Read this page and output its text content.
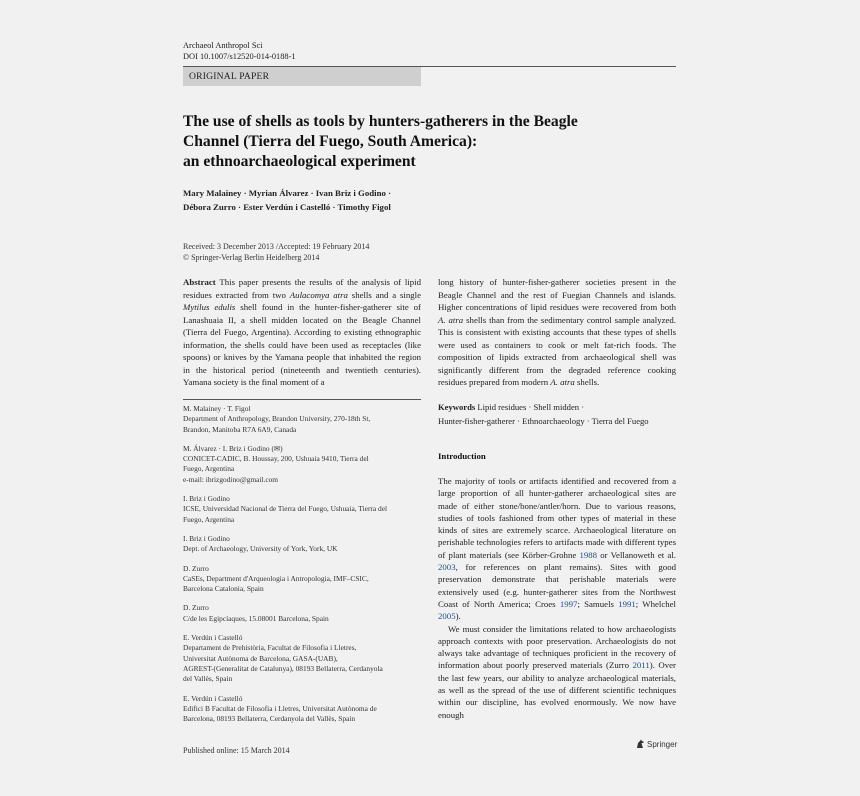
Archaeol Anthropol Sci
DOI 10.1007/s12520-014-0188-1
ORIGINAL PAPER
The use of shells as tools by hunters-gatherers in the Beagle
Channel (Tierra del Fuego, South America):
an ethnoarchaeological experiment
Mary Malainey · Myrian Álvarez · Ivan Briz i Godino ·
Débora Zurro · Ester Verdún i Castelló · Timothy Figol
Received: 3 December 2013 /Accepted: 19 February 2014
© Springer-Verlag Berlin Heidelberg 2014
Abstract This paper presents the results of the analysis of lipid residues extracted from two Aulacomya atra shells and a single Mytilus edulis shell found in the hunter-fisher-gatherer site of Lanashuaia II, a shell midden located on the Beagle Channel (Tierra del Fuego, Argentina). According to existing ethnographic information, the shells could have been used as receptacles (like spoons) or knives by the Yamana people that inhabited the region in the historical period (nineteenth and twentieth centuries). Yamana society is the final moment of a
long history of hunter-fisher-gatherer societies present in the Beagle Channel and the rest of Fuegian Channels and islands. Higher concentrations of lipid residues were recovered from both A. atra shells than from the sedimentary control sample analyzed. This is consistent with existing accounts that these types of shells were used as containers to cook or melt fat-rich foods. The composition of lipids extracted from archaeological shell was significantly different from the degraded reference cooking residues prepared from modern A. atra shells.
M. Malainey · T. Figol
Department of Anthropology, Brandon University, 270-18th St,
Brandon, Manitoba R7A 6A9, Canada
M. Álvarez · I. Briz i Godino (✉)
CONICET-CADIC, B. Houssay, 200, Ushuaia 9410, Tierra del
Fuego, Argentina
e-mail: ibrizgodino@gmail.com
I. Briz i Godino
ICSE, Universidad Nacional de Tierra del Fuego, Ushuaia, Tierra del
Fuego, Argentina
I. Briz i Godino
Dept. of Archaeology, University of York, York, UK
D. Zurro
CaSEs, Department d'Arqueologia i Antropologia, IMF–CSIC,
Barcelona Catalonia, Spain
D. Zurro
C/de les Egipcíaques, 15.08001 Barcelona, Spain
E. Verdún i Castelló
Departament de Prehistòria, Facultat de Filosofia i Lletres,
Universitat Autònoma de Barcelona, GASA-(UAB),
AGREST-(Generalitat de Catalunya), 08193 Bellaterra, Cerdanyola
del Vallès, Spain
E. Verdún i Castelló
Edifici B Facultat de Filosofia i Lletres, Universitat Autònoma de
Barcelona, 08193 Bellaterra, Cerdanyola del Vallès, Spain
Keywords Lipid residues · Shell midden ·
Hunter-fisher-gatherer · Ethnoarchaeology · Tierra del Fuego
Introduction

The majority of tools or artifacts identified and recovered from a large proportion of all hunter-gatherer archaeological sites are made of either stone/bone/antler/horn. Due to various reasons, studies of tools fashioned from other types of material in these kinds of sites are extremely scarce. Archaeological literature on perishable technologies refers to artifacts made with different types of plant materials (see Körber-Grohne 1988 or Vellanoweth et al. 2003, for references on plant remains). Sites with good preservation demonstrate that perishable materials were extensively used (e.g. hunter-gatherer sites from the Northwest Coast of North America; Croes 1997; Samuels 1991; Whelchel 2005).

We must consider the limitations related to how archaeologists approach contexts with poor preservation. Archaeologists do not always take advantage of techniques proficient in the recovery of information about poorly preserved materials (Zurro 2011). Over the last few years, our ability to analyze archaeological materials, as well as the spread of the use of different scientific techniques within our discipline, has evolved enormously. We now have enough

Published online: 15 March 2014
Springer
